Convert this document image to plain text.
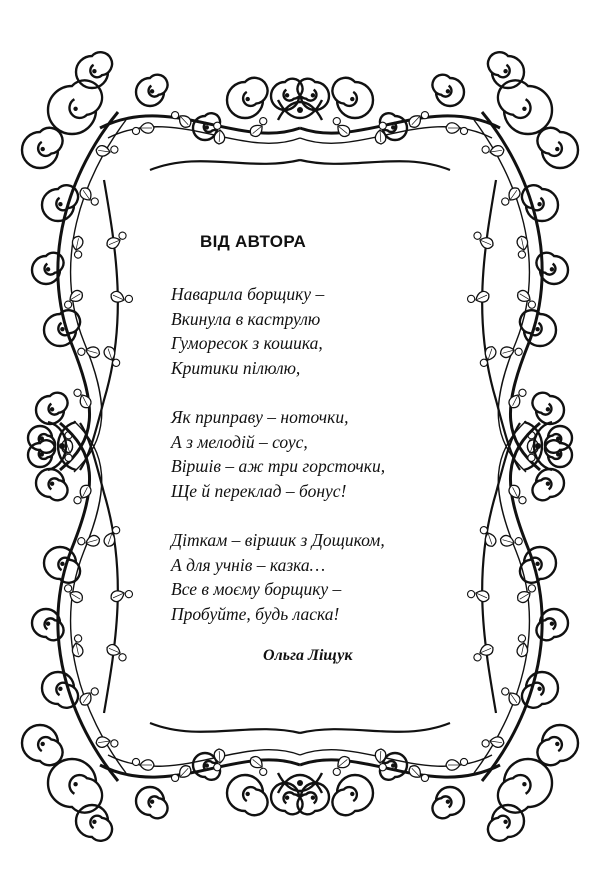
ВІД АВТОРА

Наварила борщику –
Вкинула в каструлю
Гуморесок з кошика,
Критики пілюлю,

Як приправу – ноточки,
А з мелодій – соус,
Віршів – аж три горсточки,
Ще й переклад – бонус!

Діткам – віршик з Дощиком,
А для учнів – казка…
Все в моєму борщику –
Пробуйте, будь ласка!

Ольга Ліщук
